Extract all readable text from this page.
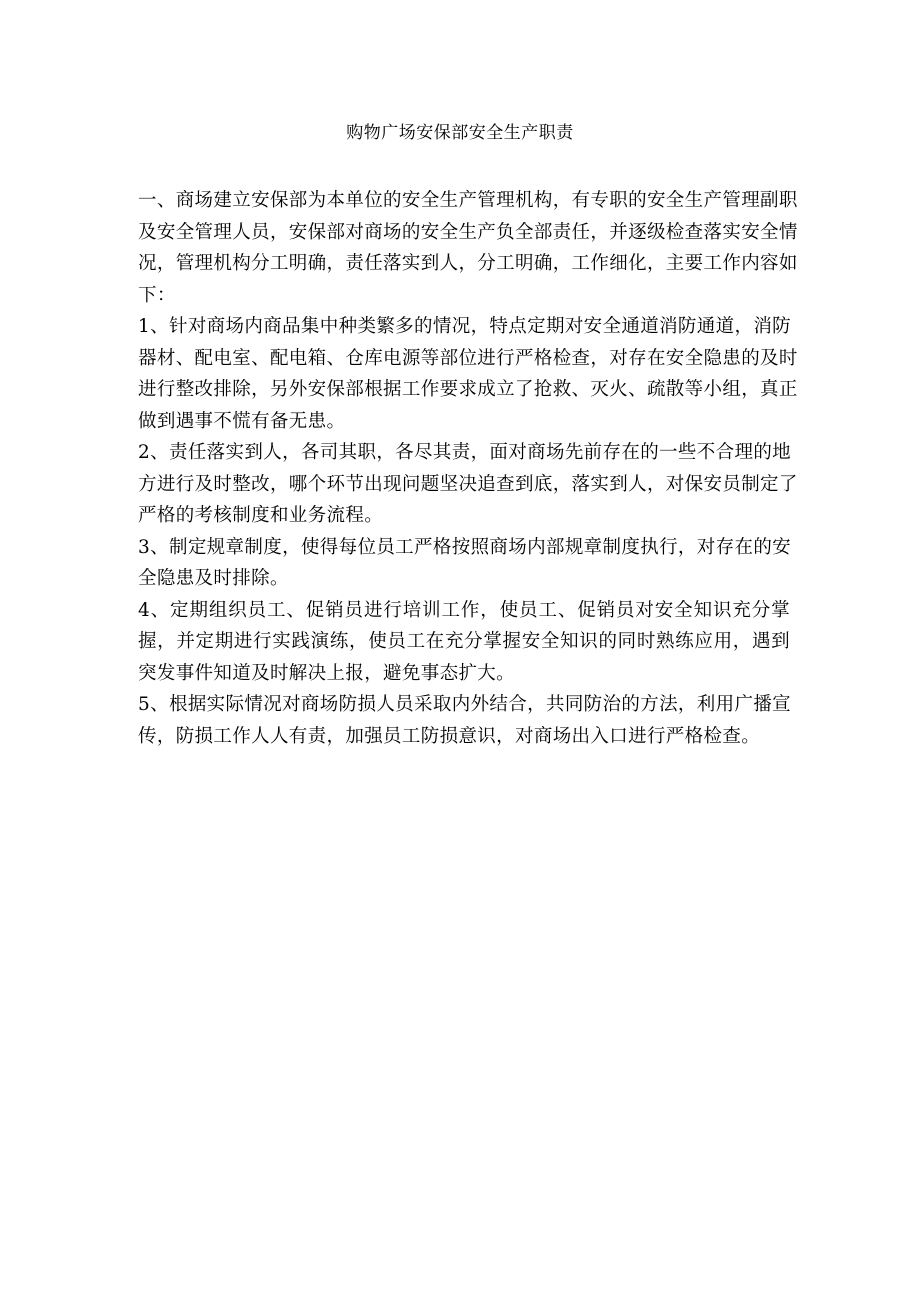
购物广场安保部安全生产职责
一、商场建立安保部为本单位的安全生产管理机构，有专职的安全生产管理副职
及安全管理人员，安保部对商场的安全生产负全部责任，并逐级检查落实安全情
况，管理机构分工明确，责任落实到人，分工明确，工作细化，主要工作内容如
下：
1、针对商场内商品集中种类繁多的情况，特点定期对安全通道消防通道，消防
器材、配电室、配电箱、仓库电源等部位进行严格检查，对存在安全隐患的及时
进行整改排除，另外安保部根据工作要求成立了抢救、灭火、疏散等小组，真正
做到遇事不慌有备无患。
2、责任落实到人，各司其职，各尽其责，面对商场先前存在的一些不合理的地
方进行及时整改，哪个环节出现问题坚决追查到底，落实到人，对保安员制定了
严格的考核制度和业务流程。
3、制定规章制度，使得每位员工严格按照商场内部规章制度执行，对存在的安
全隐患及时排除。
4、定期组织员工、促销员进行培训工作，使员工、促销员对安全知识充分掌
握，并定期进行实践演练，使员工在充分掌握安全知识的同时熟练应用，遇到
突发事件知道及时解决上报，避免事态扩大。
5、根据实际情况对商场防损人员采取内外结合，共同防治的方法，利用广播宣
传，防损工作人人有责，加强员工防损意识，对商场出入口进行严格检查。
